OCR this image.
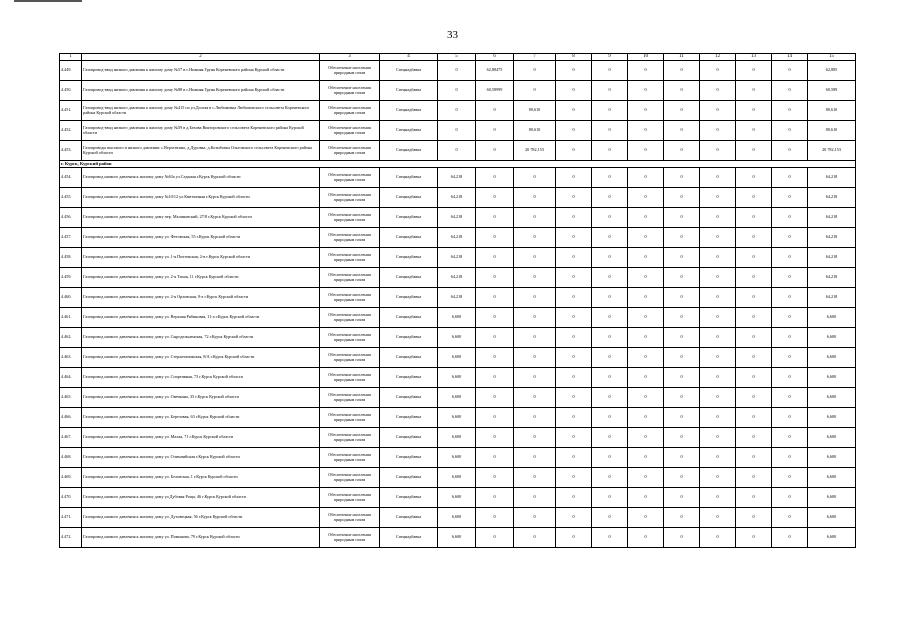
33
1	2	3	4	5	6	7	8	9	10	11	12	13	14	15
4.449.	Газопровод-ввод низкого давления к жилому дому №57 в с.Нижняя Груня Кореневского района Курской области	Обеспечение населения природным газом	Спецнадбавка	0	62,88475	0	0	0	0	0	0	0	0	62,885
4.450.	Газопровод-ввод низкого давления к жилому дому №88 в с.Нижняя Груня Кореневского района Курской области	Обеспечение населения природным газом	Спецнадбавка	0	60,58999	0	0	0	0	0	0	0	0	60,589
4.451.	Газопровод-ввод низкого давления к жилому дому №415 по ул.Долгая в с.Любимовка Любимовского сельсовета Кореневского района Курской области	Обеспечение населения природным газом	Спецнадбавка	0	0	80,610	0	0	0	0	0	0	0	80,610
4.452.	Газопровод-ввод низкого давления к жилому дому №59 в д.Бехова Викторовского сельсовета Кореневского района Курской области	Обеспечение населения природным газом	Спецнадбавка	0	0	80,610	0	0	0	0	0	0	0	80,610
4.453.	Газопроводы высокого и низкого давления: с.Верхтекино, д.Дуровка, д.Козыбовка Ольговского сельсовета Кореневского района Курской области	Обеспечение населения природным газом	Спецнадбавка	0	0	20 782,153	0	0	0	0	0	0	0	20 782,153
г. Курск, Курский район														
4.454.	Газопровод низкого давления к жилому дому №63а ул.Седьмая г.Курск Курской области	Обеспечение населения природным газом	Спецнадбавка	64,218	0	0	0	0	0	0	0	0	0	64,218
4.455.	Газопровод низкого давления к жилому дому №10/12 ул.Квитчачная г.Курск Курской области	Обеспечение населения природным газом	Спецнадбавка	64,218	0	0	0	0	0	0	0	0	0	64,218
4.456.	Газопровод низкого давления к жилому дому пер. Малиновский, 27/8 г.Курск Курской области	Обеспечение населения природным газом	Спецнадбавка	64,218	0	0	0	0	0	0	0	0	0	64,218
4.457.	Газопровод низкого давления к жилому дому ул. Фетовская, 55 г.Курск Курской области	Обеспечение населения природным газом	Спецнадбавка	64,218	0	0	0	0	0	0	0	0	0	64,218
4.458.	Газопровод низкого давления к жилому дому ул. 1-я Почтенская, 2-в г.Курск Курской области	Обеспечение населения природным газом	Спецнадбавка	64,218	0	0	0	0	0	0	0	0	0	64,218
4.459.	Газопровод низкого давления к жилому дому ул. 2-я Тихая, 11 г.Курск Курской области	Обеспечение населения природным газом	Спецнадбавка	64,218	0	0	0	0	0	0	0	0	0	64,218
4.460.	Газопровод низкого давления к жилому дому ул. 2-я Орловская, 9-а г.Курск Курской области	Обеспечение населения природным газом	Спецнадбавка	64,218	0	0	0	0	0	0	0	0	0	64,218
4.461.	Газопровод низкого давления к жилому дому ул. Верхняя Рябиновая, 11-а г.Курск Курской области	Обеспечение населения природным газом	Спецнадбавка	6,600	0	0	0	0	0	0	0	0	0	6,600
4.462.	Газопровод низкого давления к жилому дому ул. Сыродельненская, 72 г.Курск Курской области	Обеспечение населения природным газом	Спецнадбавка	6,600	0	0	0	0	0	0	0	0	0	6,600
4.463.	Газопровод низкого давления к жилому дому ул. Стерлитамакская, 8/А г.Курск Курской области	Обеспечение населения природным газом	Спецнадбавка	6,600	0	0	0	0	0	0	0	0	0	6,600
4.464.	Газопровод низкого давления к жилому дому ул. Спортивная, 73 г.Курск Курской области	Обеспечение населения природным газом	Спецнадбавка	6,600	0	0	0	0	0	0	0	0	0	6,600
4.465.	Газопровод низкого давления к жилому дому ул. Овечкина, 35 г.Курск Курской области	Обеспечение населения природным газом	Спецнадбавка	6,600	0	0	0	0	0	0	0	0	0	6,600
4.466.	Газопровод низкого давления к жилому дому ул. Березовая, 63 г.Курск Курской области	Обеспечение населения природным газом	Спецнадбавка	6,600	0	0	0	0	0	0	0	0	0	6,600
4.467.	Газопровод низкого давления к жилому дому ул. Малая, 71 г.Курск Курской области	Обеспечение населения природным газом	Спецнадбавка	6,600	0	0	0	0	0	0	0	0	0	6,600
4.468.	Газопровод низкого давления к жилому дому ул. Олимпийская г.Курск Курской области	Обеспечение населения природным газом	Спецнадбавка	6,600	0	0	0	0	0	0	0	0	0	6,600
4.469.	Газопровод низкого давления к жилому дому ул. Беловская, 1 г.Курск Курской области	Обеспечение населения природным газом	Спецнадбавка	6,600	0	0	0	0	0	0	0	0	0	6,600
4.470.	Газопровод низкого давления к жилому дому ул.Дубовая Роща, 46 г.Курск Курской области	Обеспечение населения природным газом	Спецнадбавка	6,600	0	0	0	0	0	0	0	0	0	6,600
4.471.	Газопровод низкого давления к жилому дому ул. Духовецкая, 56 г.Курск Курской области	Обеспечение населения природным газом	Спецнадбавка	6,600	0	0	0	0	0	0	0	0	0	6,600
4.472.	Газопровод низкого давления к жилому дому ул. Поминова, 79 г.Курск Курской области	Обеспечение населения природным газом	Спецнадбавка	6,600	0	0	0	0	0	0	0	0	0	6,600
